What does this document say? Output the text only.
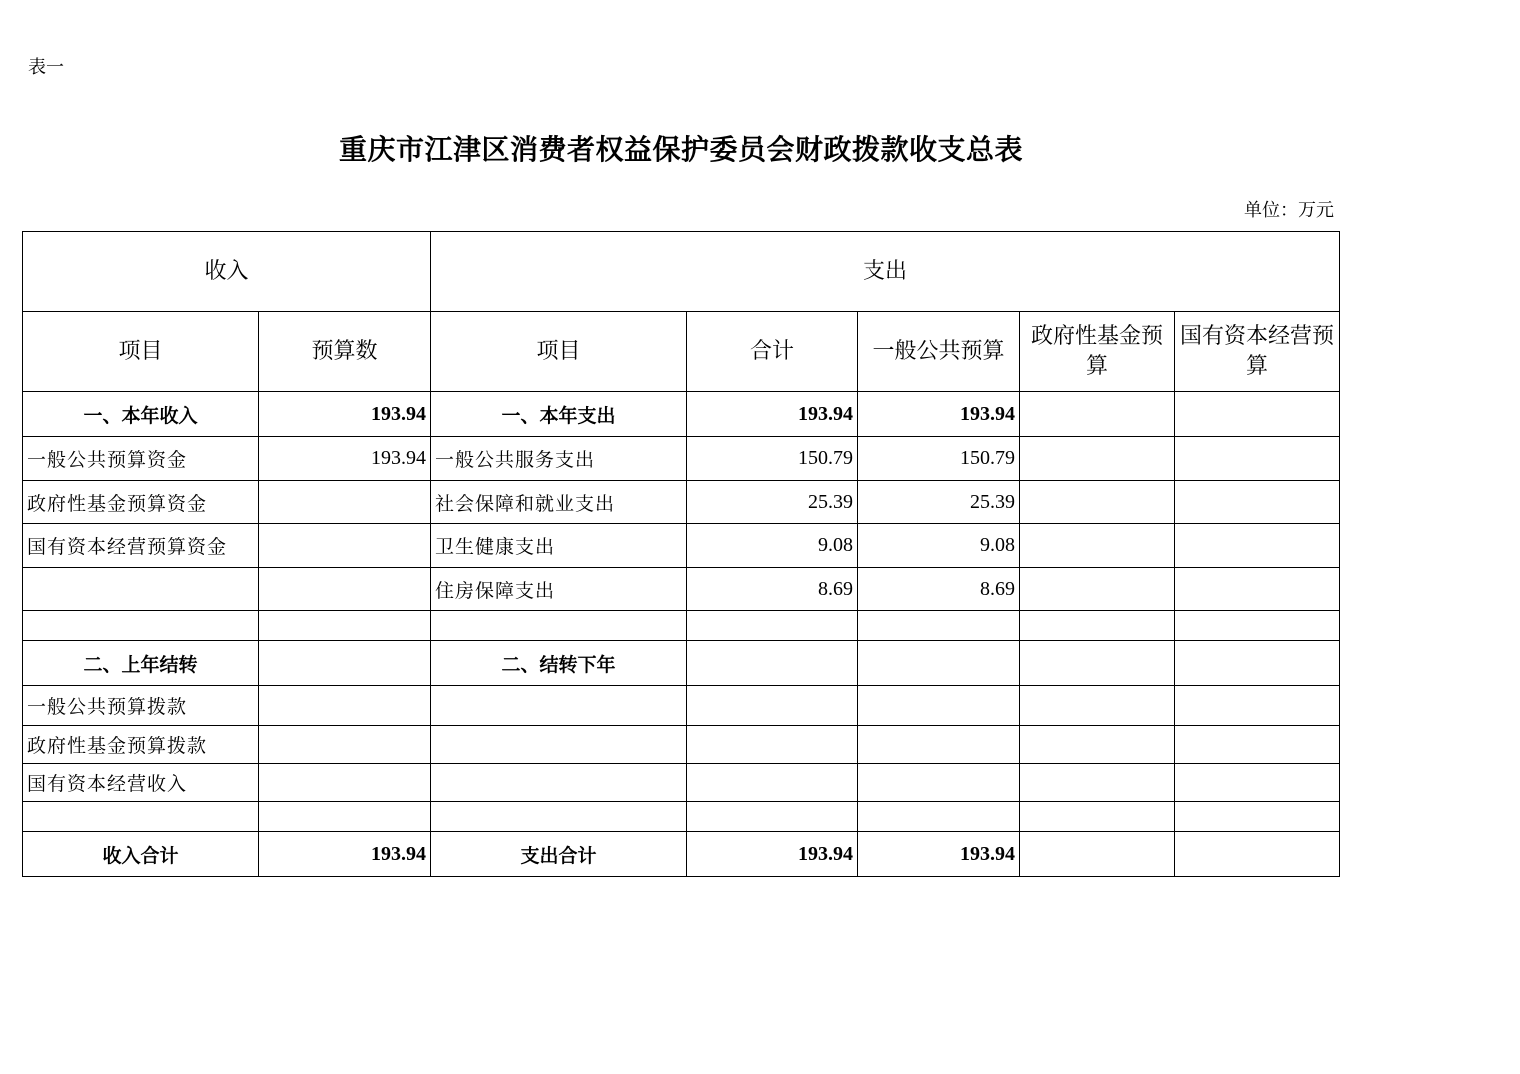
表一
重庆市江津区消费者权益保护委员会财政拨款收支总表
单位：万元
收入		支出				
项目	预算数	项目	合计	一般公共预算	政府性基金预算	国有资本经营预算
一、本年收入	193.94	一、本年支出	193.94	193.94		
一般公共预算资金	193.94	一般公共服务支出	150.79	150.79		
政府性基金预算资金		社会保障和就业支出	25.39	25.39		
国有资本经营预算资金		卫生健康支出	9.08	9.08		
		住房保障支出	8.69	8.69		

二、上年结转		二、结转下年				
一般公共预算拨款						
政府性基金预算拨款						
国有资本经营收入						

收入合计	193.94	支出合计	193.94	193.94		
